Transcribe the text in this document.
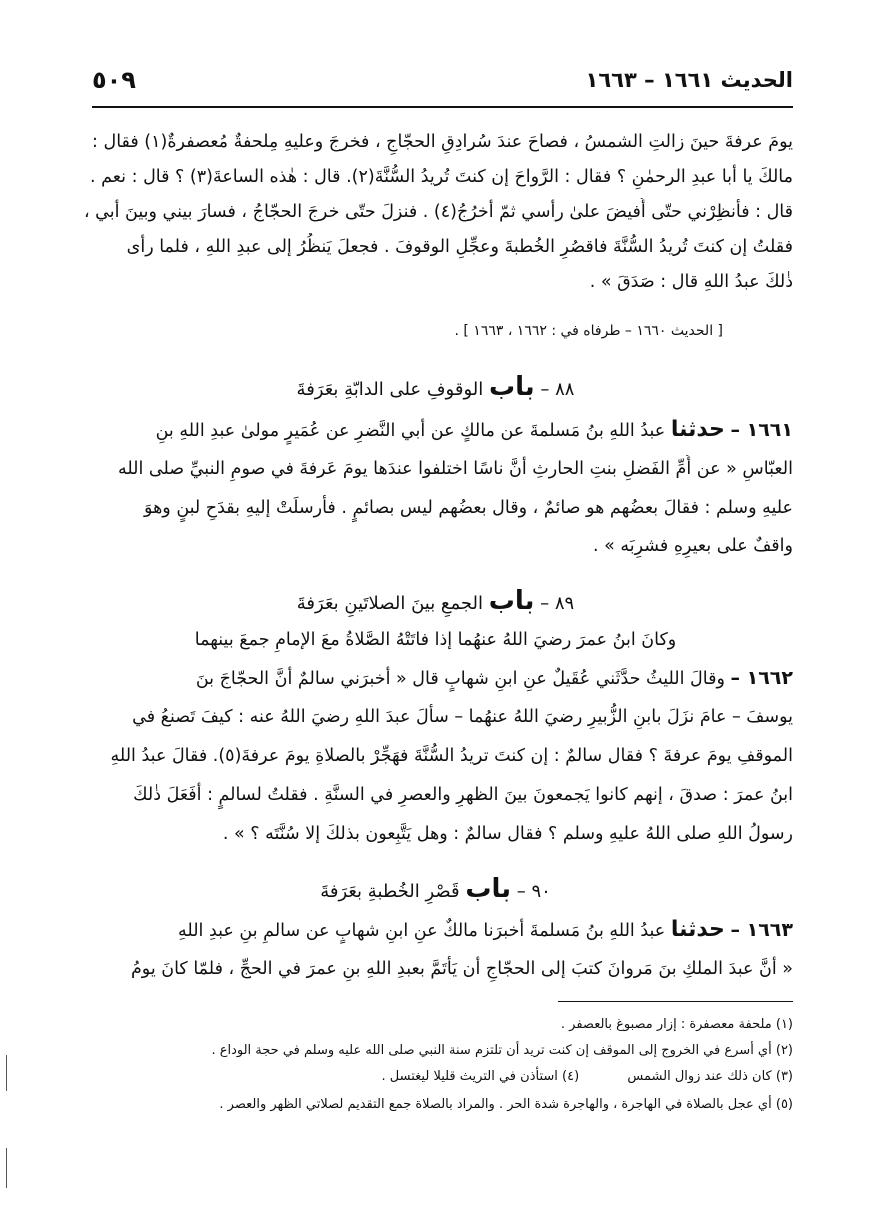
الحديث ١٦٦١ – ١٦٦٣
٥٠٩
يومَ عرفةَ حينَ زالتِ الشمسُ ، فصاحَ عندَ سُرادِقِ الحجّاجِ ، فخرجَ وعليهِ مِلحفةٌ مُعصفرةٌ(١) فقال :
مالكَ يا أبا عبدِ الرحمٰنِ ؟ فقال : الرَّواحَ إن كنتَ تُريدُ السُّنَّةَ(٢). قال : هٰذه الساعةَ(٣) ؟ قال : نعم .
قال : فأَنظِرْني حتّى أُفيضَ علىٰ رأسي ثمّ أخرُجُ(٤) . فنزلَ حتّى خرجَ الحجّاجُ ، فسارَ بيني وبينَ أبي ،
فقلتُ إن كنتَ تُريدُ السُّنَّةَ فاقصُرِ الخُطبةَ وعجِّلِ الوقوفَ . فجعلَ يَنظُرُ إلى عبدِ اللهِ ، فلما رأى
ذٰلكَ عبدُ اللهِ قال : صَدَقَ » .
[ الحديث ١٦٦٠ – طرفاه في : ١٦٦٢ ، ١٦٦٣ ] .
٨٨ – باب الوقوفِ على الدابّةِ بعَرَفةَ
١٦٦١ – حدثنا عبدُ اللهِ بنُ مَسلمةَ عن مالكٍ عن أبي النَّضرِ عن عُمَيرٍ مولىٰ عبدِ اللهِ بنِ
العبّاسِ « عن أُمِّ الفَضلِ بنتِ الحارثِ أنَّ ناسًا اختلفوا عندَها يومَ عَرفةَ في صومِ النبيِّ صلى الله
عليهِ وسلم : فقالَ بعضُهم هو صائمٌ ، وقال بعضُهم ليس بصائمٍ . فأرسلَتْ إليهِ بقدَحِ لبنٍ وهوَ
واقفٌ على بعيرِهِ فشرِبَه » .
٨٩ – باب الجمعِ بينَ الصلاتَينِ بعَرَفةَ
وكانَ ابنُ عمرَ رضيَ اللهُ عنهُما إذا فاتَتْهُ الصَّلاةُ معَ الإمامِ جمعَ بينهما
١٦٦٢ – وقالَ الليثُ حدَّثَني عُقَيلٌ عنِ ابنِ شهابٍ قال « أخبرَني سالمٌ أنَّ الحجّاجَ بنَ
يوسفَ – عامَ نزَلَ بابنِ الزُّبيرِ رضيَ اللهُ عنهُما – سألَ عبدَ اللهِ رضيَ اللهُ عنه : كيفَ تَصنعُ في
الموقفِ يومَ عرفةَ ؟ فقال سالمٌ : إن كنتَ تريدُ السُّنَّةَ فهَجِّرْ بالصلاةِ يومَ عرفةَ(٥). فقالَ عبدُ اللهِ
ابنُ عمرَ : صدقَ ، إنهم كانوا يَجمعونَ بينَ الظهرِ والعصرِ في السنَّةِ . فقلتُ لسالمٍ : أفَعَلَ ذٰلكَ
رسولُ اللهِ صلى اللهُ عليهِ وسلم ؟ فقال سالمٌ : وهل يَتَّبِعون بذلكَ إلا سُنَّتَه ؟ » .
٩٠ – باب قَصْرِ الخُطبةِ بعَرَفةَ
١٦٦٣ – حدثنا عبدُ اللهِ بنُ مَسلمةَ أخبرَنا مالكٌ عنِ ابنِ شهابٍ عن سالمِ بنِ عبدِ اللهِ
« أنَّ عبدَ الملكِ بنَ مَروانَ كتبَ إلى الحجّاجِ أن يَأْتَمَّ بعبدِ اللهِ بنِ عمرَ في الحجِّ ، فلمّا كانَ يومُ
(١) ملحفة معصفرة : إزار مصبوغ بالعصفر .
(٢) أي أسرع في الخروج إلى الموقف إن كنت تريد أن تلتزم سنة النبي صلى الله عليه وسلم في حجة الوداع .
(٣) كان ذلك عند زوال الشمس  (٤) استأذن في التريث قليلا ليغتسل .
(٥) أي عجل بالصلاة في الهاجرة ، والهاجرة شدة الحر . والمراد بالصلاة جمع التقديم لصلاتي الظهر والعصر .
